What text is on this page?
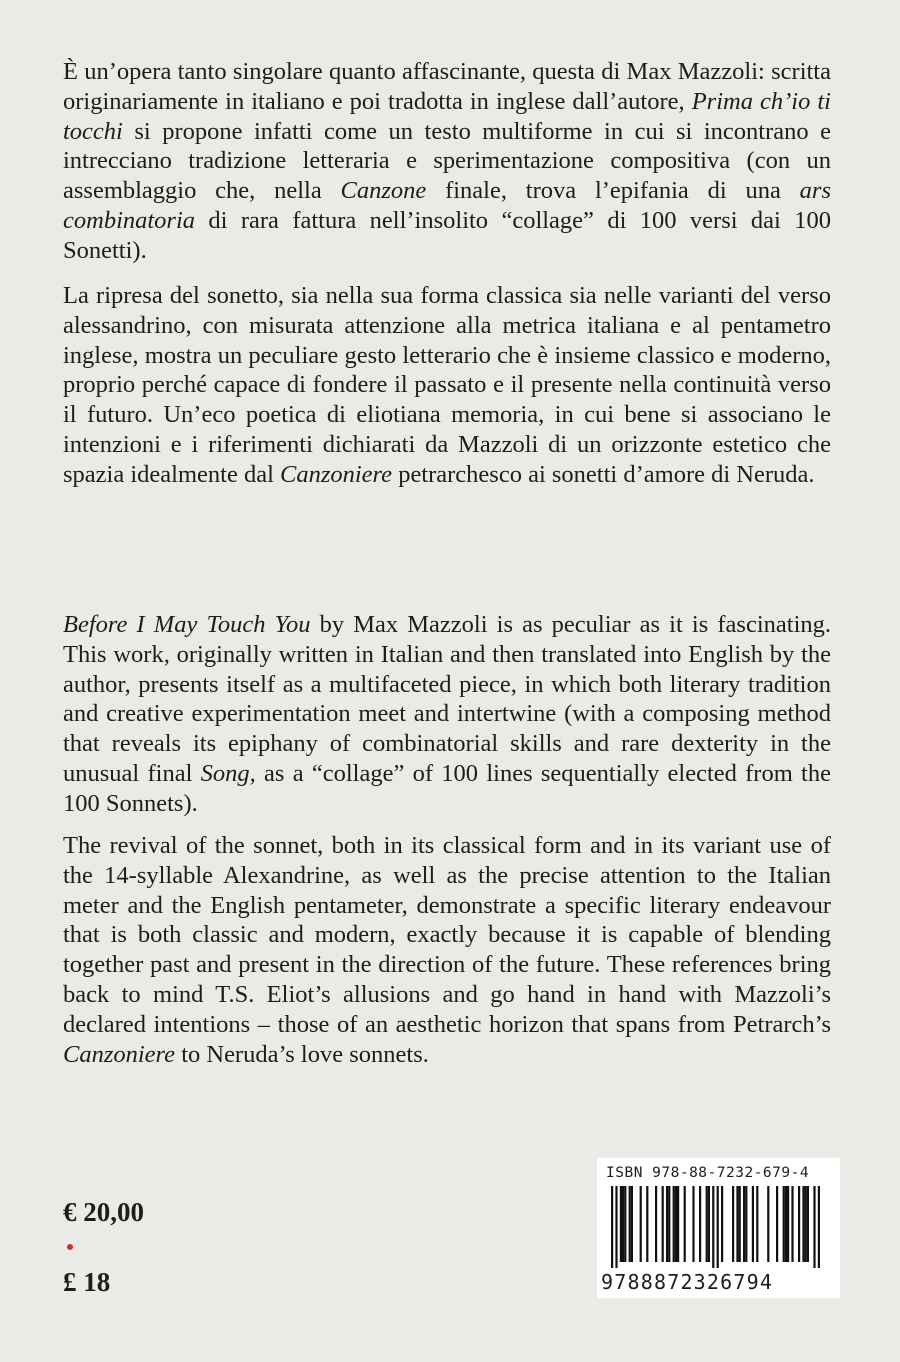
È un’opera tanto singolare quanto affascinante, questa di Max Mazzoli: scritta originariamente in italiano e poi tradotta in inglese dall’autore, Prima ch’io ti tocchi si propone infatti come un testo multiforme in cui si incontrano e intrecciano tradizione letteraria e sperimentazione compositiva (con un assemblaggio che, nella Canzone finale, trova l’epifania di una ars combinatoria di rara fattura nell’insolito “collage” di 100 versi dai 100 Sonetti).

La ripresa del sonetto, sia nella sua forma classica sia nelle varianti del verso alessandrino, con misurata attenzione alla metrica italiana e al pentametro inglese, mostra un peculiare gesto letterario che è insieme classico e moderno, proprio perché capace di fondere il passato e il presente nella continuità verso il futuro. Un’eco poetica di eliotiana memoria, in cui bene si associano le intenzioni e i riferimenti dichiarati da Mazzoli di un orizzonte estetico che spazia idealmente dal Canzoniere petrarchesco ai sonetti d’amore di Neruda.

Before I May Touch You by Max Mazzoli is as peculiar as it is fascinating. This work, originally written in Italian and then translated into English by the author, presents itself as a multifaceted piece, in which both literary tradition and creative experimentation meet and intertwine (with a composing method that reveals its epiphany of combinatorial skills and rare dexterity in the unusual final Song, as a “collage” of 100 lines sequentially elected from the 100 Sonnets).

The revival of the sonnet, both in its classical form and in its variant use of the 14-syllable Alexandrine, as well as the precise attention to the Italian meter and the English pentameter, demonstrate a specific literary endeavour that is both classic and modern, exactly because it is capable of blending together past and present in the direction of the future. These references bring back to mind T.S. Eliot’s allusions and go hand in hand with Mazzoli’s declared intentions – those of an aesthetic horizon that spans from Petrarch’s Canzoniere to Neruda’s love sonnets.

€ 20,00
£ 18
ISBN 978-88-7232-679-4
9788872326794
